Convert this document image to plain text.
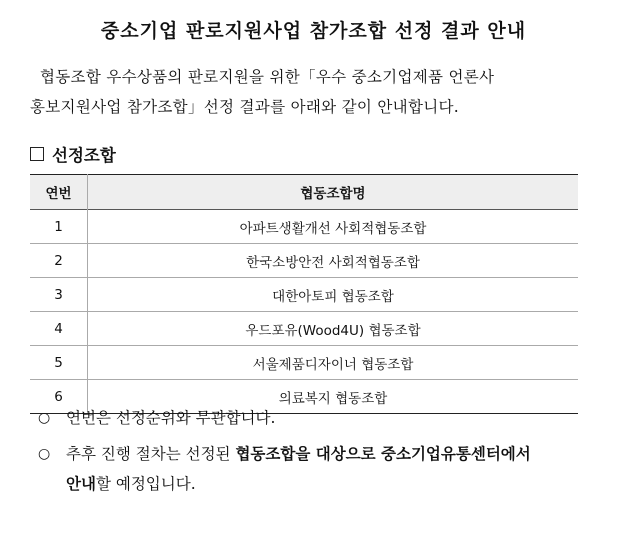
중소기업 판로지원사업 참가조합 선정 결과 안내
협동조합 우수상품의 판로지원을 위한「우수 중소기업제품 언론사
홍보지원사업 참가조합」선정 결과를 아래와 같이 안내합니다.
선정조합
연번	협동조합명
1	아파트생활개선 사회적협동조합
2	한국소방안전 사회적협동조합
3	대한아토피 협동조합
4	우드포유(Wood4U) 협동조합
5	서울제품디자이너 협동조합
6	의료복지 협동조합
○	연번은 선정순위와 무관합니다.
○	추후 진행 절차는 선정된 협동조합을 대상으로 중소기업유통센터에서
안내할 예정입니다.
